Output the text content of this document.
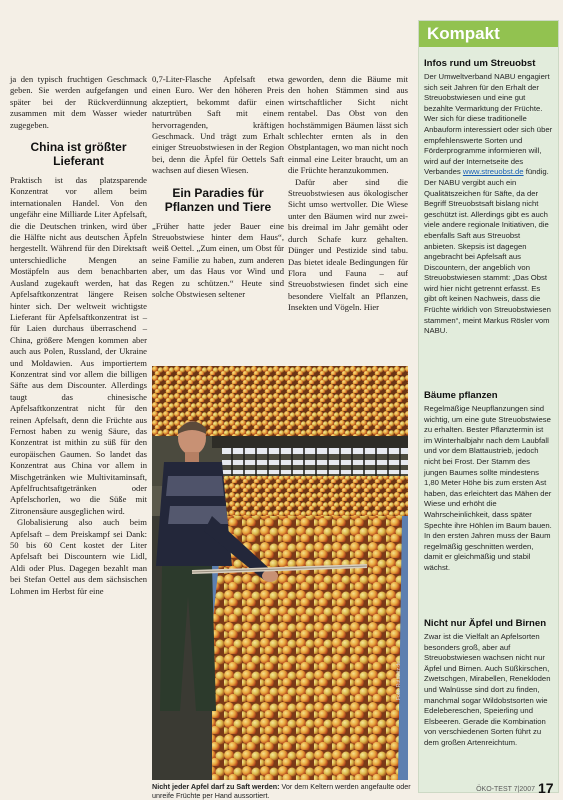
ja den typisch fruchtigen Geschmack geben. Sie werden aufgefangen und später bei der Rückverdünnung zusammen mit dem Wasser wieder zugegeben.

China ist größter Lieferant

Praktisch ist das platzsparende Konzentrat vor allem beim internationalen Handel. Von den ungefähr eine Milliarde Liter Apfelsaft, die die Deutschen trinken, wird über die Hälfte nicht aus deutschen Äpfeln hergestellt. Während für den Direktsaft unterschiedliche Mengen an Mostäpfeln aus dem benachbarten Ausland zugekauft werden, hat das Apfelsaftkonzentrat längere Reisen hinter sich. Der weltweit wichtigste Lieferant für Apfelsaftkonzentrat ist – für Laien durchaus überraschend – China, größere Mengen kommen aber auch aus Polen, Russland, der Ukraine und Moldawien. Aus importiertem Konzentrat sind vor allem die billigen Säfte aus dem Discounter. Allerdings taugt das chinesische Apfelsaftkonzentrat nicht für den reinen Apfelsaft, denn die Früchte aus Fernost haben zu wenig Säure, das Konzentrat ist mithin zu süß für den europäischen Gaumen. So landet das Konzentrat aus China vor allem in Mischgetränken wie Multivitaminsaft, Apfelfruchtsaftgetränken oder Apfelschorlen, wo die Süße mit Zitronensäure ausgeglichen wird.

Globalisierung also auch beim Apfelsaft – dem Preiskampf sei Dank: 50 bis 60 Cent kostet der Liter Apfelsaft bei Discountern wie Lidl, Aldi oder Plus. Dagegen bezahlt man bei Stefan Oettel aus dem sächsischen Lohmen im Herbst für eine

0,7-Liter-Flasche Apfelsaft etwa einen Euro. Wer den höheren Preis akzeptiert, bekommt dafür einen naturtrüben Saft mit einem hervorragenden, kräftigen Geschmack. Und trägt zum Erhalt einiger Streuobstwiesen in der Region bei, denn die Äpfel für Oettels Saft wachsen auf diesen Wiesen.

Ein Paradies für Pflanzen und Tiere

„Früher hatte jeder Bauer eine Streuobstwiese hinter dem Haus“, weiß Oettel. „Zum einen, um Obst für seine Familie zu haben, zum anderen aber, um das Haus vor Wind und Regen zu schützen.“ Heute sind solche Obstwiesen seltener

geworden, denn die Bäume mit den hohen Stämmen sind aus wirtschaftlicher Sicht nicht rentabel. Das Obst von den hochstämmigen Bäumen lässt sich schlechter ernten als in den Obstplantagen, wo man nicht noch einmal eine Leiter braucht, um an die Früchte heranzukommen.

Dafür aber sind die Streuobstwiesen aus ökologischer Sicht umso wertvoller. Die Wiese unter den Bäumen wird nur zwei- bis dreimal im Jahr gemäht oder durch Schafe kurz gehalten. Dünger und Pestizide sind tabu. Das bietet ideale Bedingungen für Flora und Fauna – auf Streuobstwiesen findet sich eine besondere Vielfalt an Pflanzen, Insekten und Vögeln. Hier

Foto: Ruthwitz.de
Nicht jeder Apfel darf zu Saft werden: Vor dem Keltern werden angefaulte oder unreife Früchte per Hand aussortiert.
Kompakt
Infos rund um Streuobst
Der Umweltverband NABU engagiert sich seit Jahren für den Erhalt der Streuobstwiesen und eine gut bezahlte Vermarktung der Früchte. Wer sich für diese traditionelle Anbauform interessiert oder sich über empfehlenswerte Sorten und Förderprogramme informieren will, wird auf der Internetseite des Verbandes www.streuobst.de fündig. Der NABU vergibt auch ein Qualitätszeichen für Säfte, da der Begriff Streuobstsaft bislang nicht geschützt ist. Allerdings gibt es auch viele andere regionale Initiativen, die ebenfalls Saft aus Streuobst anbieten. Skepsis ist dagegen angebracht bei Apfelsaft aus Discountern, der angeblich von Streuobstwiesen stammt: „Das Obst wird hier nicht getrennt erfasst. Es gibt oft keinen Nachweis, dass die Früchte wirklich von Streuobstwiesen stammen“, meint Markus Rösler vom NABU.
Bäume pflanzen
Regelmäßige Neupflanzungen sind wichtig, um eine gute Streuobstwiese zu erhalten. Bester Pflanztermin ist im Winterhalbjahr nach dem Laubfall und vor dem Blattaustrieb, jedoch nicht bei Frost. Der Stamm des jungen Baumes sollte mindestens 1,80 Meter Höhe bis zum ersten Ast haben, das erleichtert das Mähen der Wiese und erhöht die Wahrscheinlichkeit, dass später Spechte ihre Höhlen im Baum bauen. In den ersten Jahren muss der Baum regelmäßig geschnitten werden, damit er gleichmäßig und stabil wächst.
Nicht nur Äpfel und Birnen
Zwar ist die Vielfalt an Apfelsorten besonders groß, aber auf Streuobstwiesen wachsen nicht nur Äpfel und Birnen. Auch Süßkirschen, Zwetschgen, Mirabellen, Renekloden und Walnüsse sind dort zu finden, manchmal sogar Wildobstsorten wie Edelebereschen, Speierling und Elsbeeren. Gerade die Kombination von verschiedenen Sorten führt zu dem großen Artenreichtum.
ÖKO-TEST 7|2007 17
